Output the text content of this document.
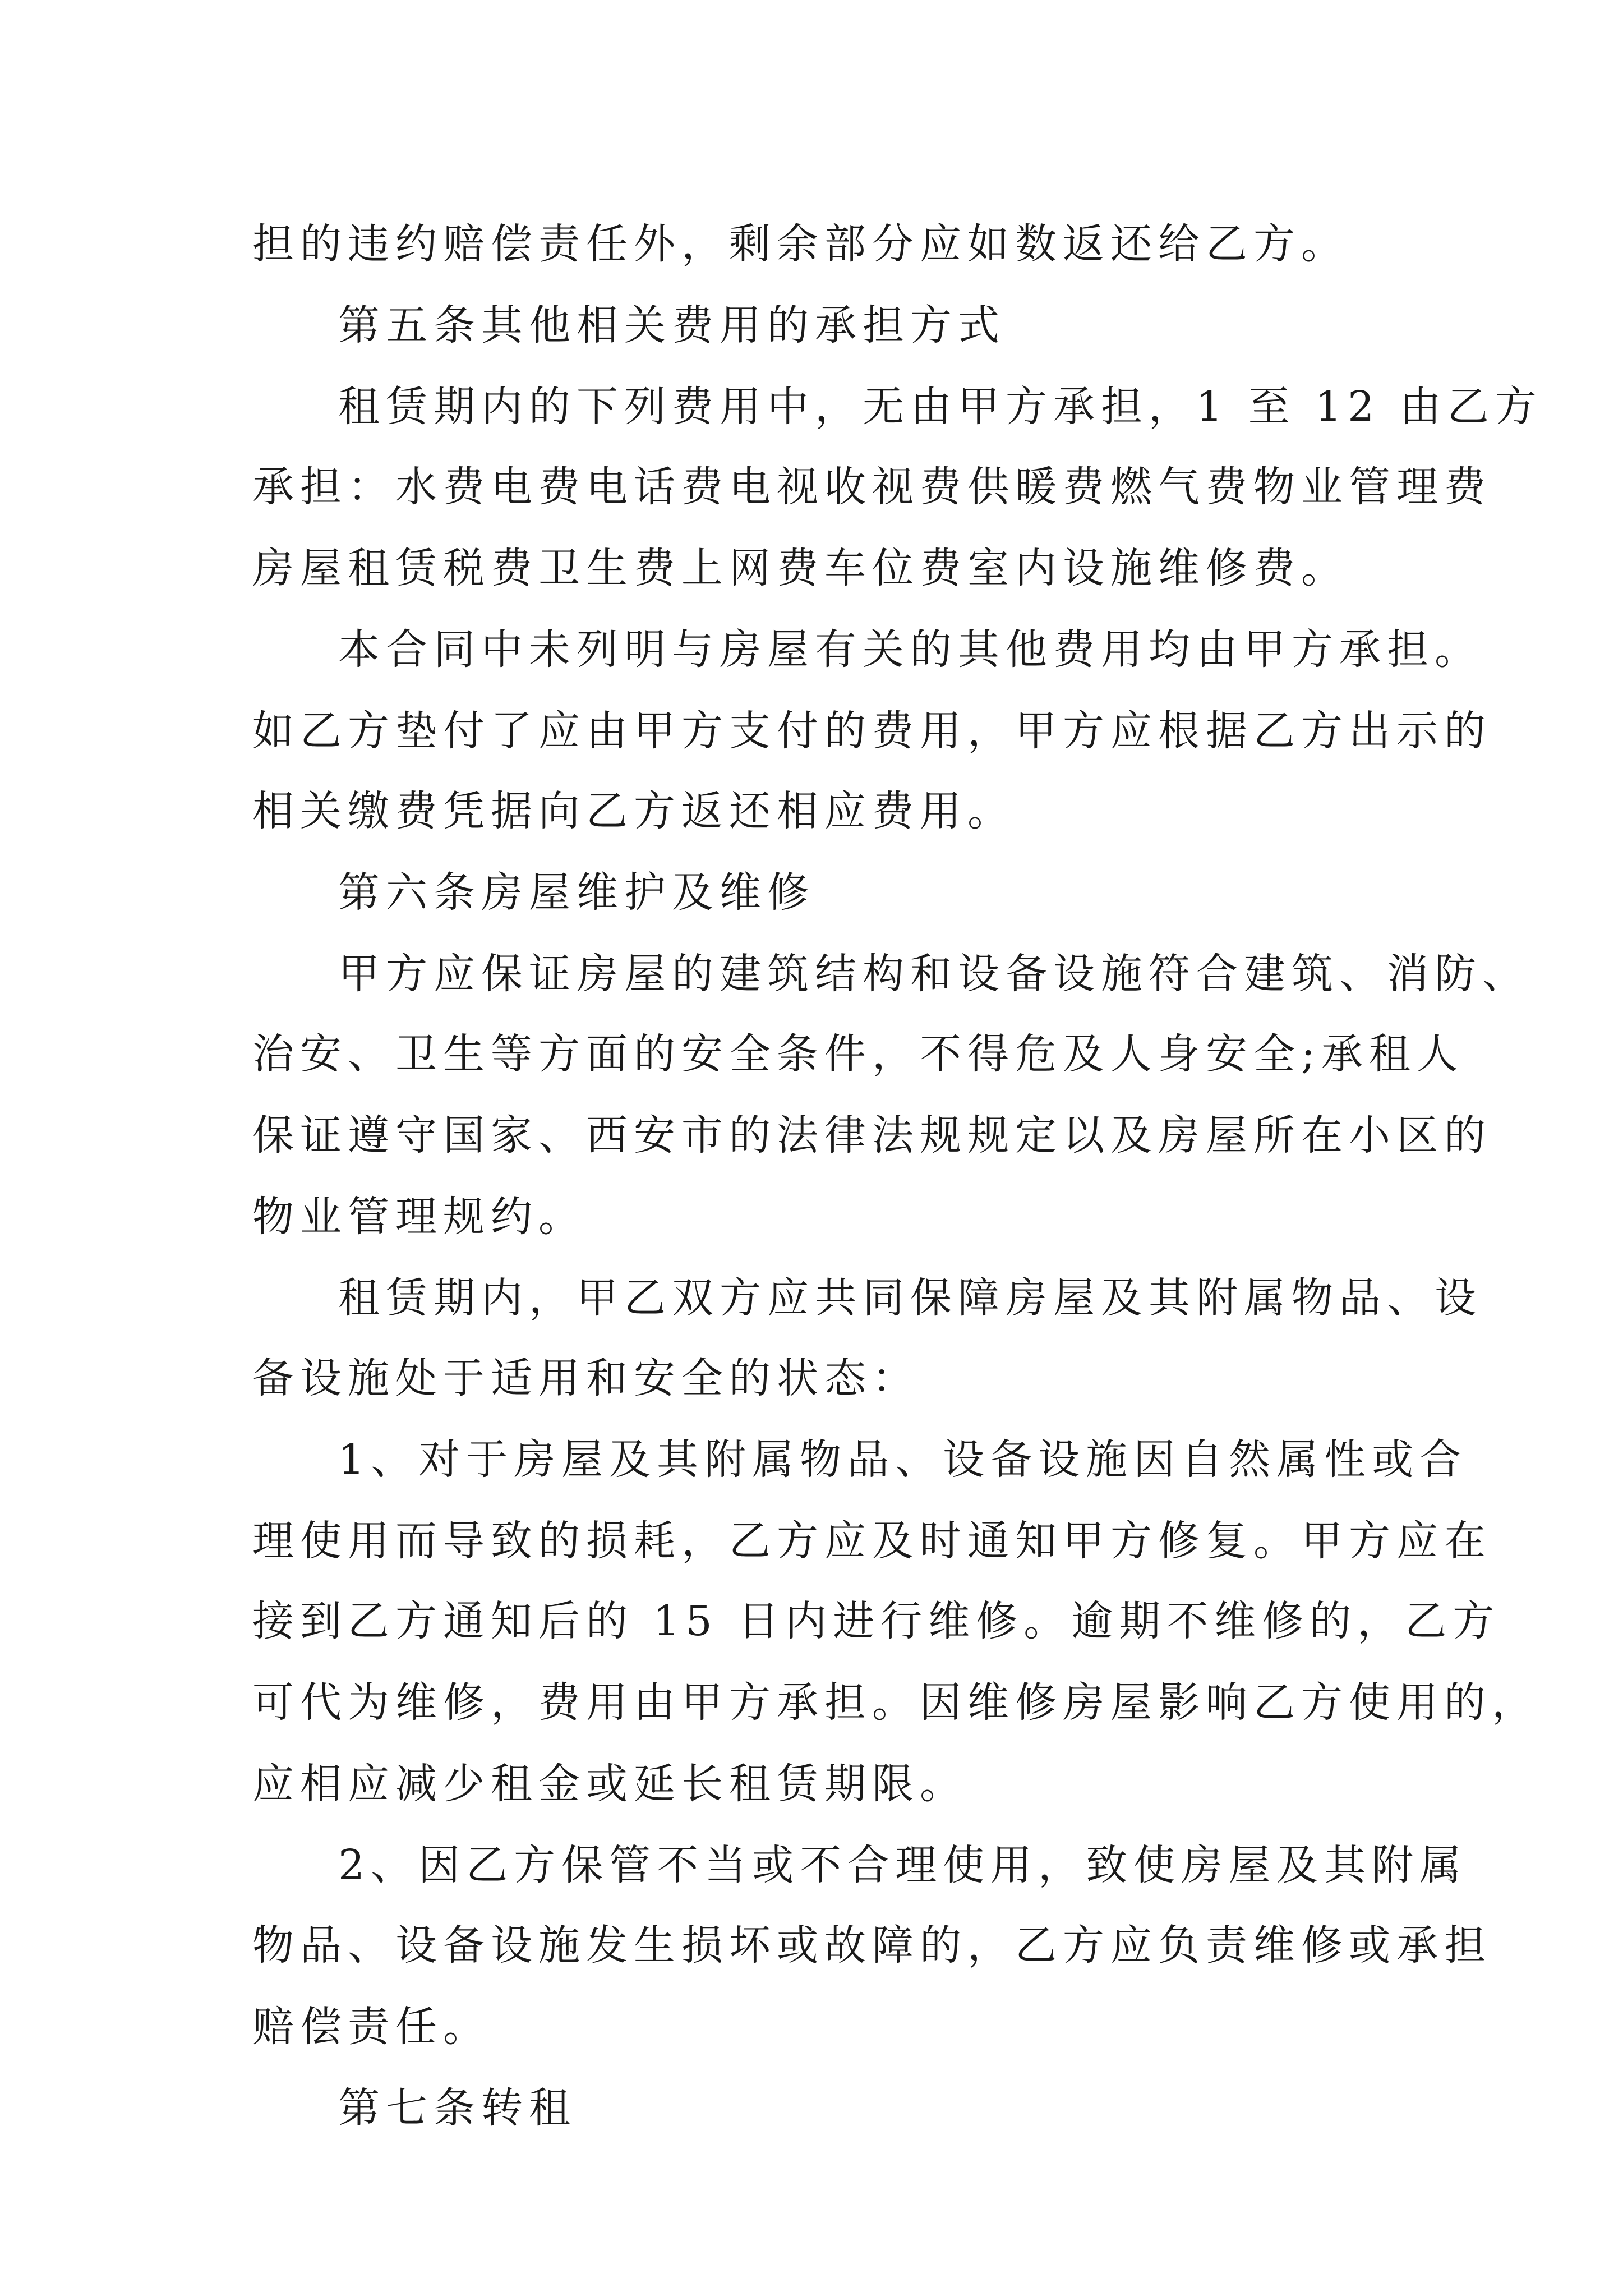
担的违约赔偿责任外，剩余部分应如数返还给乙方。
第五条其他相关费用的承担方式
租赁期内的下列费用中，无由甲方承担，1 至 12 由乙方
承担：水费电费电话费电视收视费供暖费燃气费物业管理费
房屋租赁税费卫生费上网费车位费室内设施维修费。
本合同中未列明与房屋有关的其他费用均由甲方承担。
如乙方垫付了应由甲方支付的费用，甲方应根据乙方出示的
相关缴费凭据向乙方返还相应费用。
第六条房屋维护及维修
甲方应保证房屋的建筑结构和设备设施符合建筑、消防、
治安、卫生等方面的安全条件，不得危及人身安全;承租人
保证遵守国家、西安市的法律法规规定以及房屋所在小区的
物业管理规约。
租赁期内，甲乙双方应共同保障房屋及其附属物品、设
备设施处于适用和安全的状态：
1、对于房屋及其附属物品、设备设施因自然属性或合
理使用而导致的损耗，乙方应及时通知甲方修复。甲方应在
接到乙方通知后的 15 日内进行维修。逾期不维修的，乙方
可代为维修，费用由甲方承担。因维修房屋影响乙方使用的，
应相应减少租金或延长租赁期限。
2、因乙方保管不当或不合理使用，致使房屋及其附属
物品、设备设施发生损坏或故障的，乙方应负责维修或承担
赔偿责任。
第七条转租
